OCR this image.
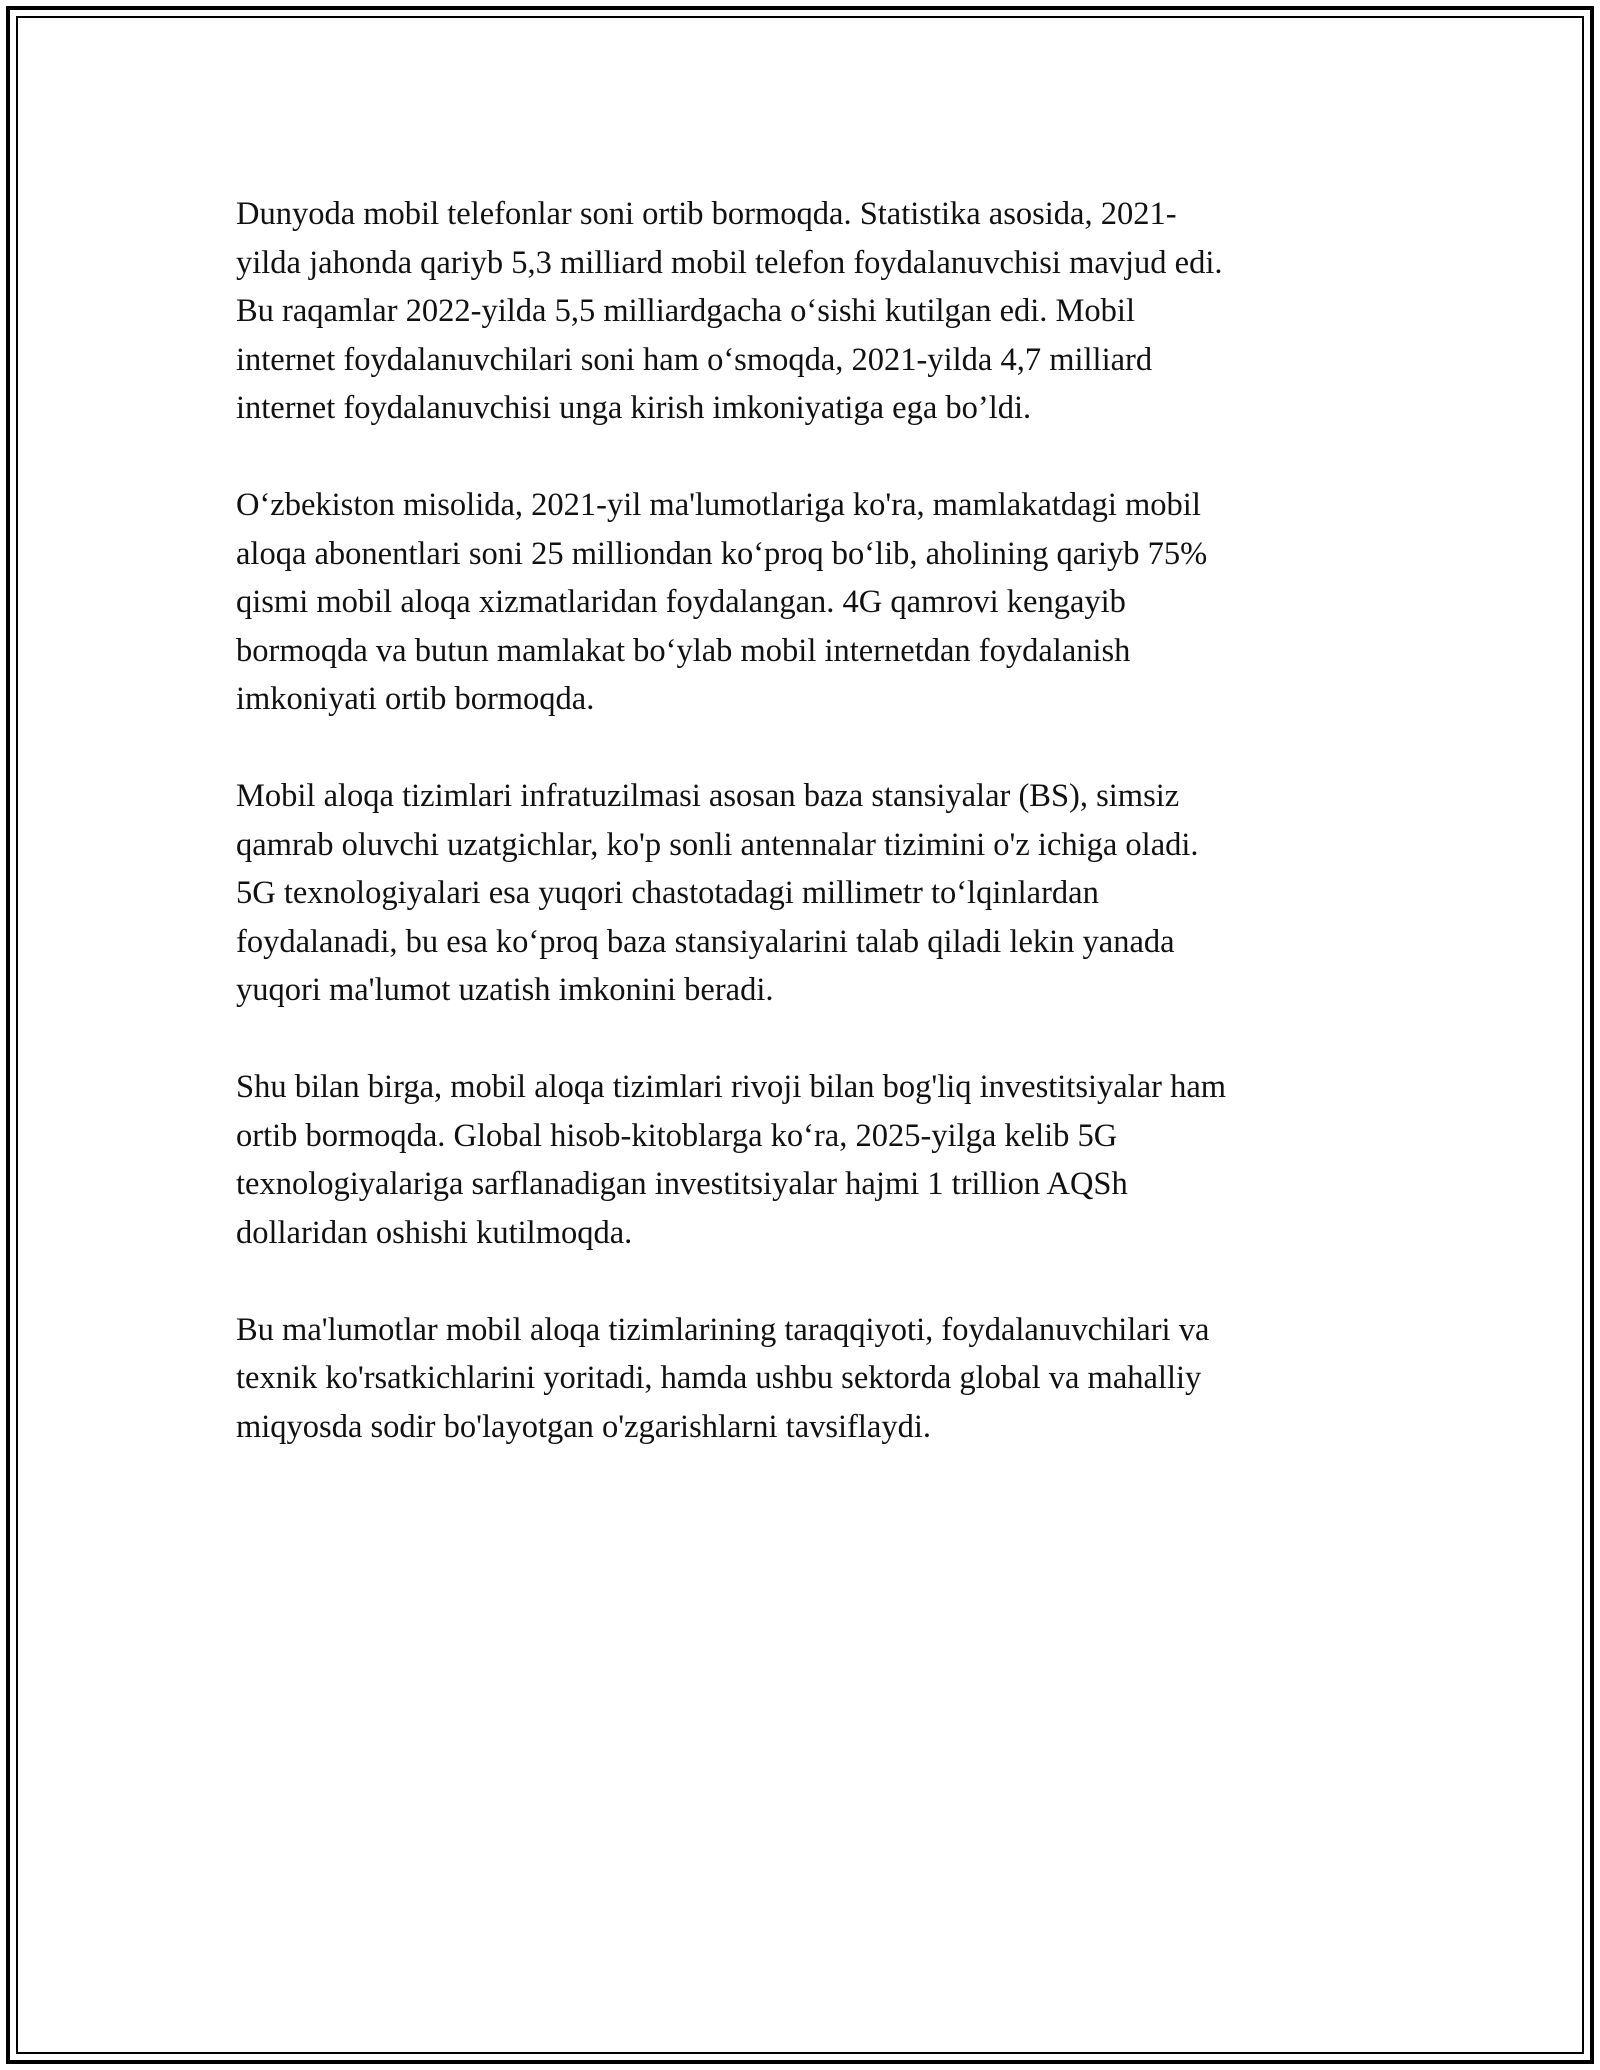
Dunyoda mobil telefonlar soni ortib bormoqda. Statistika asosida, 2021-
yilda jahonda qariyb 5,3 milliard mobil telefon foydalanuvchisi mavjud edi.
Bu raqamlar 2022-yilda 5,5 milliardgacha oʻsishi kutilgan edi. Mobil
internet foydalanuvchilari soni ham oʻsmoqda, 2021-yilda 4,7 milliard
internet foydalanuvchisi unga kirish imkoniyatiga ega bo’ldi.

Oʻzbekiston misolida, 2021-yil ma'lumotlariga ko'ra, mamlakatdagi mobil
aloqa abonentlari soni 25 milliondan koʻproq boʻlib, aholining qariyb 75%
qismi mobil aloqa xizmatlaridan foydalangan. 4G qamrovi kengayib
bormoqda va butun mamlakat boʻylab mobil internetdan foydalanish
imkoniyati ortib bormoqda.

Mobil aloqa tizimlari infratuzilmasi asosan baza stansiyalar (BS), simsiz
qamrab oluvchi uzatgichlar, ko'p sonli antennalar tizimini o'z ichiga oladi.
5G texnologiyalari esa yuqori chastotadagi millimetr toʻlqinlardan
foydalanadi, bu esa koʻproq baza stansiyalarini talab qiladi lekin yanada
yuqori ma'lumot uzatish imkonini beradi.

Shu bilan birga, mobil aloqa tizimlari rivoji bilan bog'liq investitsiyalar ham
ortib bormoqda. Global hisob-kitoblarga koʻra, 2025-yilga kelib 5G
texnologiyalariga sarflanadigan investitsiyalar hajmi 1 trillion AQSh
dollaridan oshishi kutilmoqda.

Bu ma'lumotlar mobil aloqa tizimlarining taraqqiyoti, foydalanuvchilari va
texnik ko'rsatkichlarini yoritadi, hamda ushbu sektorda global va mahalliy
miqyosda sodir bo'layotgan o'zgarishlarni tavsiflaydi.
